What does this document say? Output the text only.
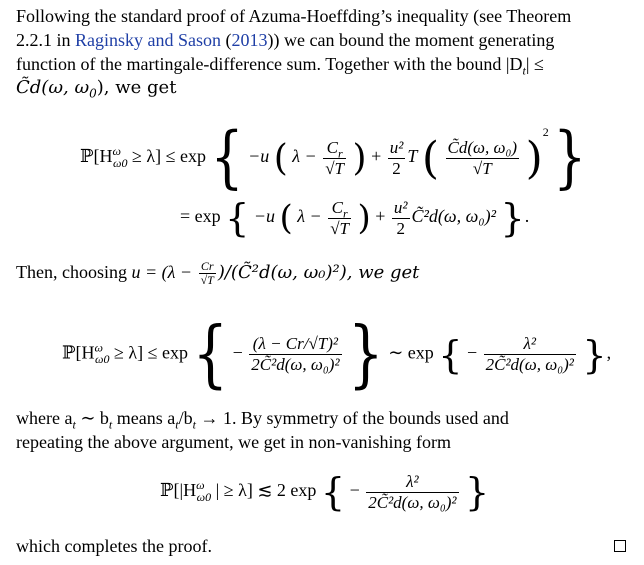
Following the standard proof of Azuma-Hoeffding’s inequality (see Theorem
2.2.1 in Raginsky and Sason (2013)) we can bound the moment generating
function of the martingale-difference sum. Together with the bound $|D_t|$ ≤
C̃d(ω, $\omega_0$), we get
$ℙ[H^\omega_{\omega 0} \ge \lambda] \le \exp$ { −u ( $\lambda - \frac{C_r}{√T}$ ) + $\frac{\text{u²}}{2}$ T ( $\frac{\text{C̃d(ω, ω₀)}}{√T} )^2$ }
= exp { −u ( $\lambda - \frac{C_r}{√T}$ ) + $\frac{\text{u²}}{2}$ C̃²d(ω, ω₀)² }.
Then, choosing $u = (\lambda - \frac{Cr}{√T}$ )/(C̃²d(ω, ω₀)²), we get
$ℙ[H^\omega_{\omega 0} \ge \lambda] \le \exp$ { − $\frac{\text{(λ − Cr/√T)²}}{\text{2C̃²d(ω, ω₀)²}}$ } ∼ exp { − $\frac{\text{λ²}}{\text{2C̃²d(ω, ω₀)²}}$ },
where $a_t$ ∼ $b_t$ means $a_t/b_t \to 1$. By symmetry of the bounds used and
repeating the above argument, we get in non-vanishing form
$ℙ[|H^\omega_{\omega 0}$ | ≥ λ] ≲ 2 exp { − $\frac{\text{λ²}}{\text{2C̃²d(ω, ω₀)²}}$ }
which completes the proof.
